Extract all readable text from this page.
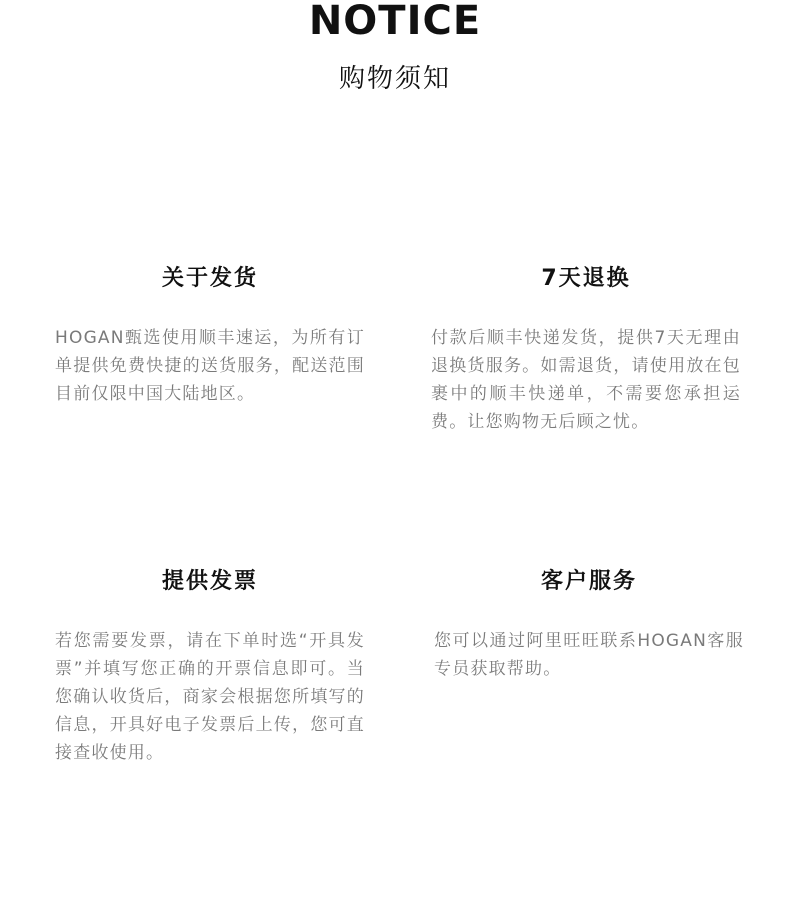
NOTICE
购物须知
关于发货
HOGAN甄选使用顺丰速运，为所有订单提供免费快捷的送货服务，配送范围目前仅限中国大陆地区。
7天退换
付款后顺丰快递发货，提供7天无理由退换货服务。如需退货，请使用放在包裹中的顺丰快递单，不需要您承担运费。让您购物无后顾之忧。
提供发票
若您需要发票，请在下单时选“开具发票”并填写您正确的开票信息即可。当您确认收货后，商家会根据您所填写的信息，开具好电子发票后上传，您可直接查收使用。
客户服务
您可以通过阿里旺旺联系HOGAN客服专员获取帮助。
